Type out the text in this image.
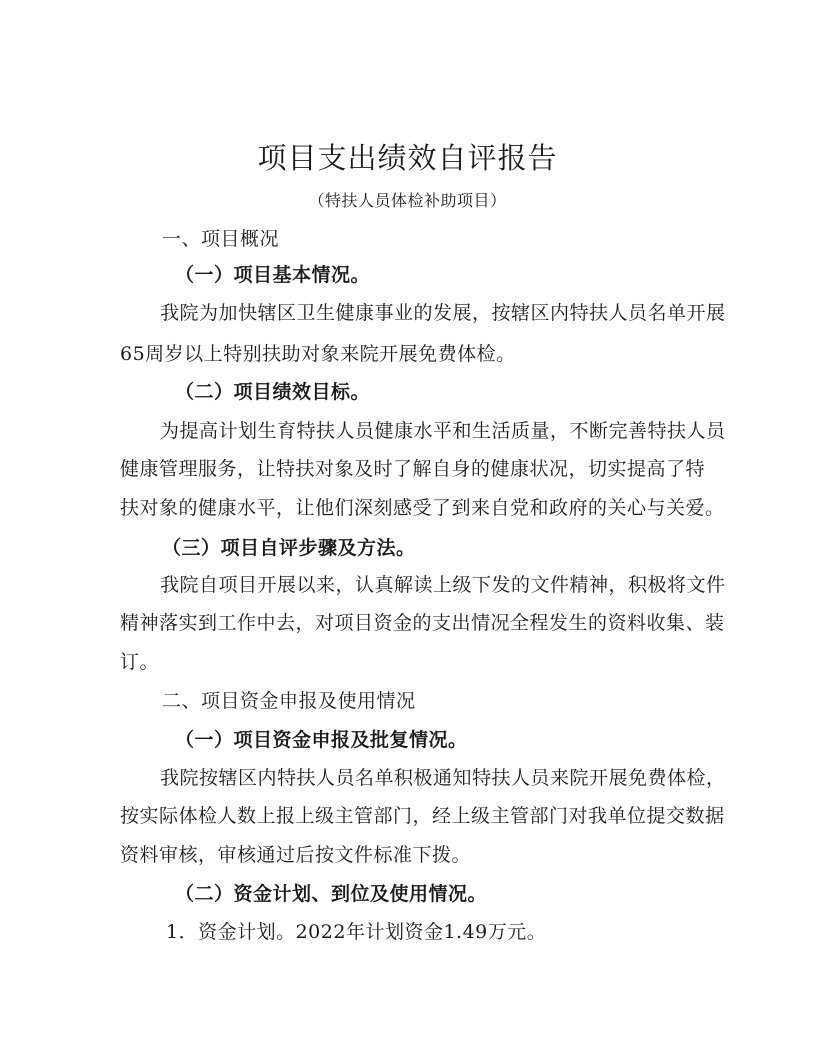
项目支出绩效自评报告
（特扶人员体检补助项目）
一、项目概况
（一）项目基本情况。
我院为加快辖区卫生健康事业的发展，按辖区内特扶人员名单开展
65周岁以上特别扶助对象来院开展免费体检。
（二）项目绩效目标。
为提高计划生育特扶人员健康水平和生活质量，不断完善特扶人员
健康管理服务，让特扶对象及时了解自身的健康状况，切实提高了特
扶对象的健康水平，让他们深刻感受了到来自党和政府的关心与关爱。
（三）项目自评步骤及方法。
我院自项目开展以来，认真解读上级下发的文件精神，积极将文件
精神落实到工作中去，对项目资金的支出情况全程发生的资料收集、装
订。
二、项目资金申报及使用情况
（一）项目资金申报及批复情况。
我院按辖区内特扶人员名单积极通知特扶人员来院开展免费体检，
按实际体检人数上报上级主管部门，经上级主管部门对我单位提交数据
资料审核，审核通过后按文件标准下拨。
（二）资金计划、到位及使用情况。
1．资金计划。2022年计划资金1.49万元。
